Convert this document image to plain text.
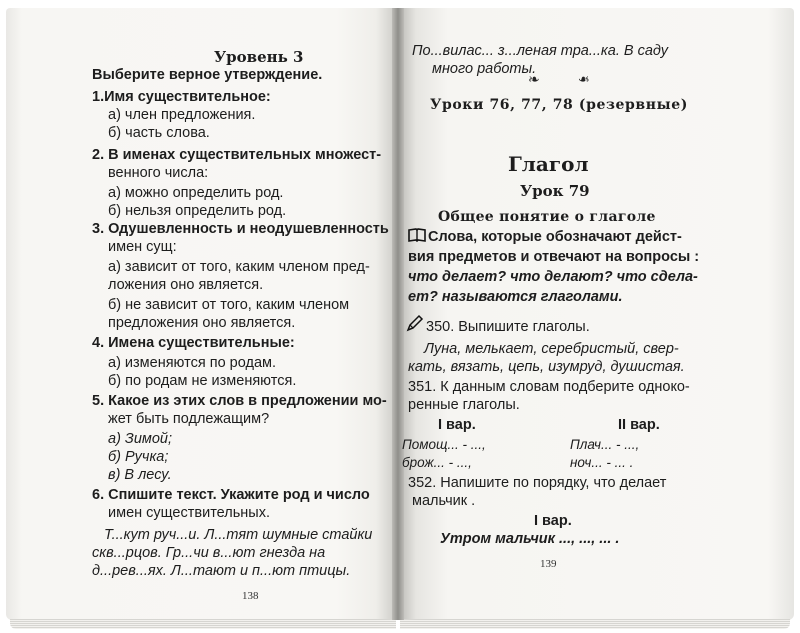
Уровень 3
Выберите верное утверждение.
1.Имя существительное:
а) член предложения.
б) часть слова.
2. В именах существительных множест-
венного числа:
а) можно определить род.
б) нельзя определить род.
3. Одушевленность и неодушевленность
имен сущ:
а) зависит от того, каким членом пред-
ложения оно является.
б) не зависит от того, каким членом
предложения оно является.
4. Имена существительные:
а) изменяются по родам.
б) по родам не изменяются.
5. Какое из этих слов в предложении мо-
жет быть подлежащим?
а) Зимой;
б) Ручка;
в) В лесу.
6. Спишите текст. Укажите род и число
имен существительных.
Т...кут руч...и. Л...тят шумные стайки
скв...рцов. Гр...чи в...ют гнезда на
д...рев...ях. Л...тают и п...ют птицы.
138
По...вилас... з...леная тра...ка. В саду
много работы.
❧	❧
Уроки 76, 77, 78 (резервные)
Глагол
Урок 79
Общее понятие о глаголе
Слова, которые обозначают дейст-
вия предметов и отвечают на вопросы :
что делает? что делают? что сдела-
ет? называются глаголами.
350. Выпишите глаголы.
Луна, мелькает, серебристый, свер-
кать, вязать, цепь, изумруд, душистая.
351. К данным словам подберите однокo-
ренные глаголы.
I вар.	II вар.
Помощ... - ...,
брож... - ...,
Плач... - ...,
ноч... - ... .
352. Напишите по порядку, что делает
мальчик .
I вар.
Утром мальчик ..., ..., ... .
139
